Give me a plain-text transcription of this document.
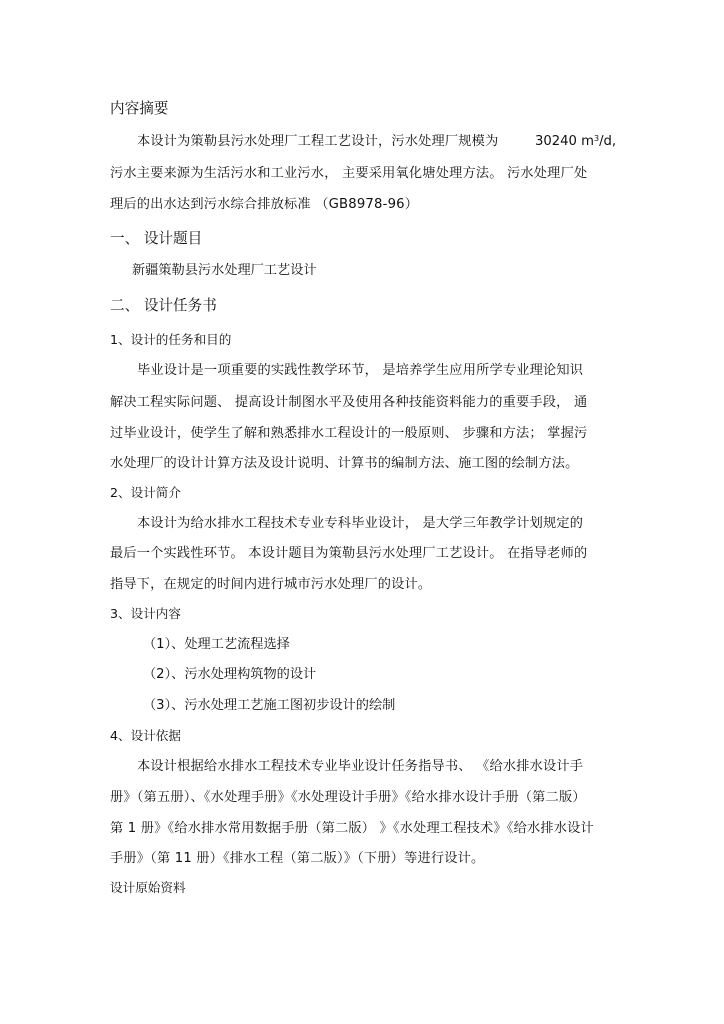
内容摘要
本设计为策勒县污水处理厂工程工艺设计，污水处理厂规模为	30240 $m^3/d$,
污水主要来源为生活污水和工业污水， 主要采用氧化塘处理方法。 污水处理厂处
理后的出水达到污水综合排放标准 （GB8978-96）
一、 设计题目
新疆策勒县污水处理厂工艺设计
二、 设计任务书
1、设计的任务和目的
毕业设计是一项重要的实践性教学环节， 是培养学生应用所学专业理论知识
解决工程实际问题、 提高设计制图水平及使用各种技能资料能力的重要手段， 通
过毕业设计，使学生了解和熟悉排水工程设计的一般原则、 步骤和方法； 掌握污
水处理厂的设计计算方法及设计说明、计算书的编制方法、施工图的绘制方法。
2、设计简介
本设计为给水排水工程技术专业专科毕业设计， 是大学三年教学计划规定的
最后一个实践性环节。 本设计题目为策勒县污水处理厂工艺设计。 在指导老师的
指导下，在规定的时间内进行城市污水处理厂的设计。
3、设计内容
（1）、处理工艺流程选择
（2）、污水处理构筑物的设计
（3）、污水处理工艺施工图初步设计的绘制
4、设计依据
本设计根据给水排水工程技术专业毕业设计任务指导书、 《给水排水设计手
册》（第五册）、《水处理手册》《水处理设计手册》《给水排水设计手册（第二版）
第 1 册》《给水排水常用数据手册（第二版） 》《水处理工程技术》《给水排水设计
手册》（第 11 册）《排水工程（第二版）》（下册）等进行设计。
设计原始资料
